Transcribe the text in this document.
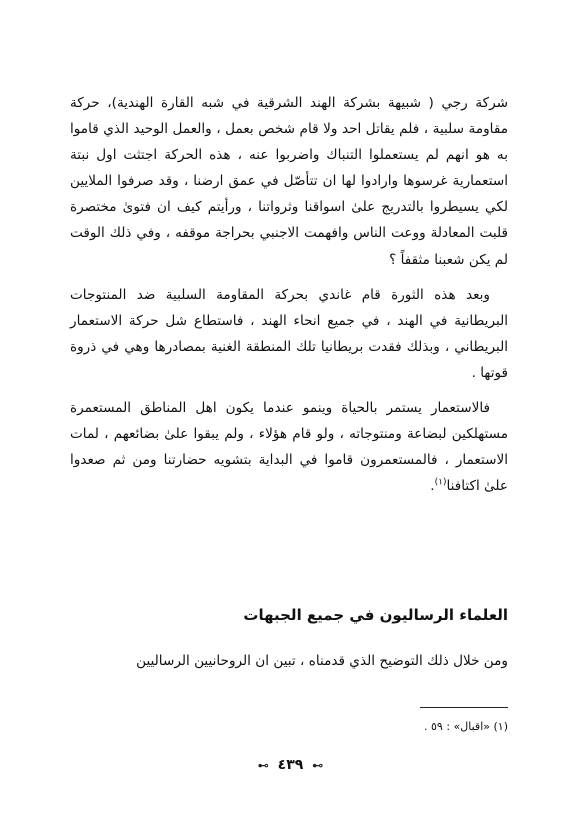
شركة رجي ( شبيهة بشركة الهند الشرقية في شبه القارة الهندية)، حركة مقاومة سلبية ، فلم يقاتل احد ولا قام شخص بعمل ، والعمل الوحيد الذي قاموا به هو انهم لم يستعملوا التنباك واضربوا عنه ، هذه الحركة اجتثت اول نبتة استعمارية غرسوها وارادوا لها ان تتأصّل في عمق ارضنا ، وقد صرفوا الملايين لكي يسيطروا بالتدريج علىٰ اسواقنا وثرواتنا ، ورأيتم كيف ان فتوىٰ مختصرة قلبت المعادلة ووعت الناس وافهمت الاجنبي بحراجة موقفه ، وفي ذلك الوقت لم يكن شعبنا مثقفاً ؟

وبعد هذه الثورة قام غاندي بحركة المقاومة السلبية ضد المنتوجات البريطانية في الهند ، في جميع انحاء الهند ، فاستطاع شل حركة الاستعمار البريطاني ، وبذلك فقدت بريطانيا تلك المنطقة الغنية بمصادرها وهي في ذروة قوتها .

فالاستعمار يستمر بالحياة وينمو عندما يكون اهل المناطق المستعمرة مستهلكين لبضاعة ومنتوجاته ، ولو قام هؤلاء ، ولم يبقوا علىٰ بضائعهم ، لمات الاستعمار ، فالمستعمرون قاموا في البداية بتشويه حضارتنا ومن ثم صعدوا علىٰ اكتافنا$^{(١)}$.

العلماء الرساليون في جميع الجبهات
ومن خلال ذلك التوضيح الذي قدمناه ، تبين ان الروحانيين الرساليين
(١) «اقبال» : ٥٩ .
⊶ ٤٣٩ ⊶
